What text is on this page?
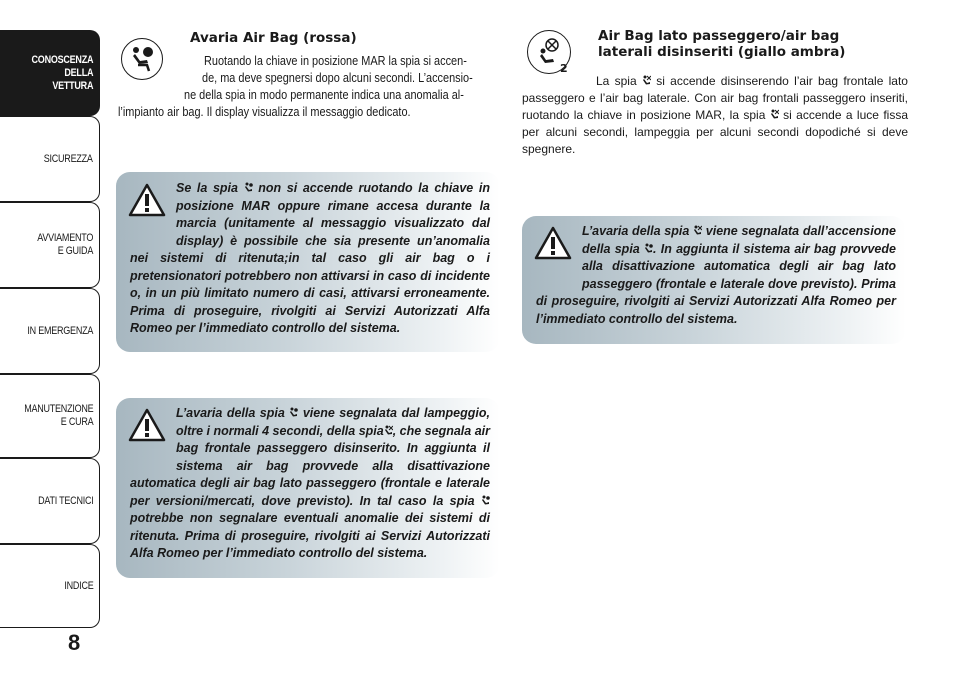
CONOSCENZA
DELLA
VETTURA
SICUREZZA
AVVIAMENTO
E GUIDA
IN EMERGENZA
MANUTENZIONE
E CURA
DATI TECNICI
INDICE
8
Avaria Air Bag (rossa)
Ruotando la chiave in posizione MAR la spia si accen-
de, ma deve spegnersi dopo alcuni secondi. L’accensio-
ne della spia in modo permanente indica una anomalia al-
l’impianto air bag. Il display visualizza il messaggio dedicato.
Se la spia non si accende ruotando la chiave in posizione MAR oppure rimane accesa durante la marcia (unitamente al messaggio visualizzato dal display) è possibile che sia presente un’anomalia nei sistemi di ritenuta;in tal caso gli air bag o i pretensionatori potrebbero non attivarsi in caso di incidente o, in un più limitato numero di casi, attivarsi erroneamente. Prima di proseguire, rivolgiti ai Servizi Autorizzati Alfa Romeo per l’immediato controllo del sistema.
L’avaria della spia viene segnalata dal lampeggio, oltre i normali 4 secondi, della spia , che segnala air bag frontale passeggero disinserito. In aggiunta il sistema air bag provvede alla disattivazione automatica degli air bag lato passeggero (frontale e laterale per versioni/mercati, dove previsto). In tal caso la spia  potrebbe non segnalare eventuali anomalie dei sistemi di ritenuta. Prima di proseguire, rivolgiti ai Servizi Autorizzati Alfa Romeo per l’immediato controllo del sistema.
2
Air Bag lato passeggero/air bag
laterali disinseriti (giallo ambra)
La spia si accende disinserendo l’air bag frontale lato passeggero e l’air bag laterale. Con air bag frontali passeggero inseriti, ruotando la chiave in posizione MAR, la spia si accende a luce fissa per alcuni secondi, lampeggia per alcuni secondi dopodiché si deve spegnere.
L’avaria della spia viene segnalata dall’accensione della spia . In aggiunta il sistema air bag provvede alla disattivazione automatica degli air bag lato passeggero (frontale e laterale dove previsto). Prima di proseguire, rivolgiti ai Servizi Autorizzati Alfa Romeo per l’immediato controllo del sistema.
